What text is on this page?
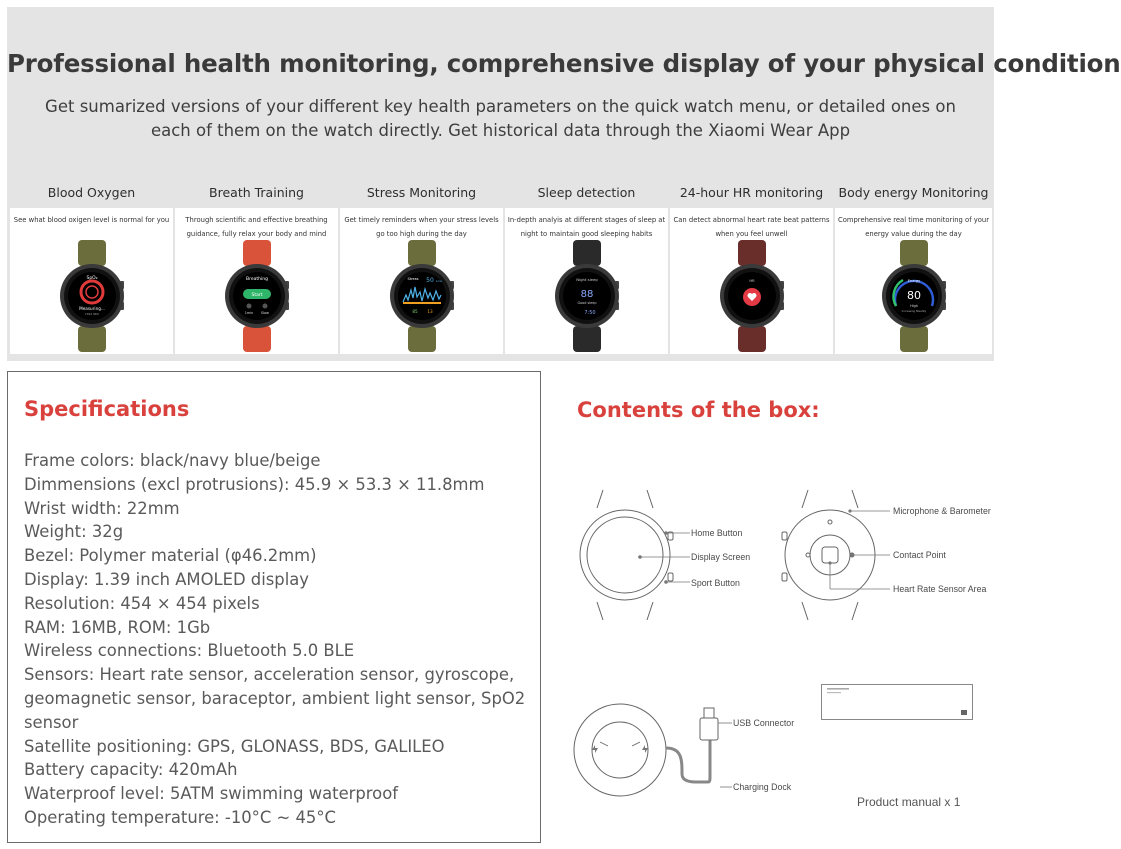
Professional health monitoring, comprehensive display of your physical condition

Get sumarized versions of your different key health parameters on the quick watch menu, or detailed ones on each of them on the watch directly. Get historical data through the Xiaomi Wear App

Blood Oxygen
See what blood oxigen level is normal for you
SpO₂
Measuring...
Hold Still
Breath Training
Through scientific and effective breathing guidance, fully relax your body and mind
Breathing
Start
1min Slow
Stress Monitoring
Get timely reminders when your stress levels go too high during the day
Stress 50 Low
85 13
Sleep detection
In-depth analyis at different stages of sleep at night to maintain good sleeping habits
Night sleep
88
Good sleep
7:50
24-hour HR monitoring
Can detect abnormal heart rate beat patterns when you feel unwell
HR
Body energy Monitoring
Comprehensive real time monitoring of your energy value during the day
Energy
80
High
Increasing Steadily
Specifications
Frame colors: black/navy blue/beige
Dimmensions (excl protrusions): 45.9 × 53.3 × 11.8mm
Wrist width: 22mm
Weight: 32g
Bezel: Polymer material (φ46.2mm)
Display: 1.39 inch AMOLED display
Resolution: 454 × 454 pixels
RAM: 16MB, ROM: 1Gb
Wireless connections: Bluetooth 5.0 BLE
Sensors: Heart rate sensor, acceleration sensor, gyroscope, geomagnetic sensor, baraceptor, ambient light sensor, SpO2 sensor
Satellite positioning: GPS, GLONASS, BDS, GALILEO
Battery capacity: 420mAh
Waterproof level: 5ATM swimming waterproof
Operating temperature: -10°C ~ 45°C
Contents of the box:
Home Button
Display Screen
Sport Button
Microphone & Barometer
Contact Point
Heart Rate Sensor Area
USB Connector
Charging Dock
Product manual x 1
